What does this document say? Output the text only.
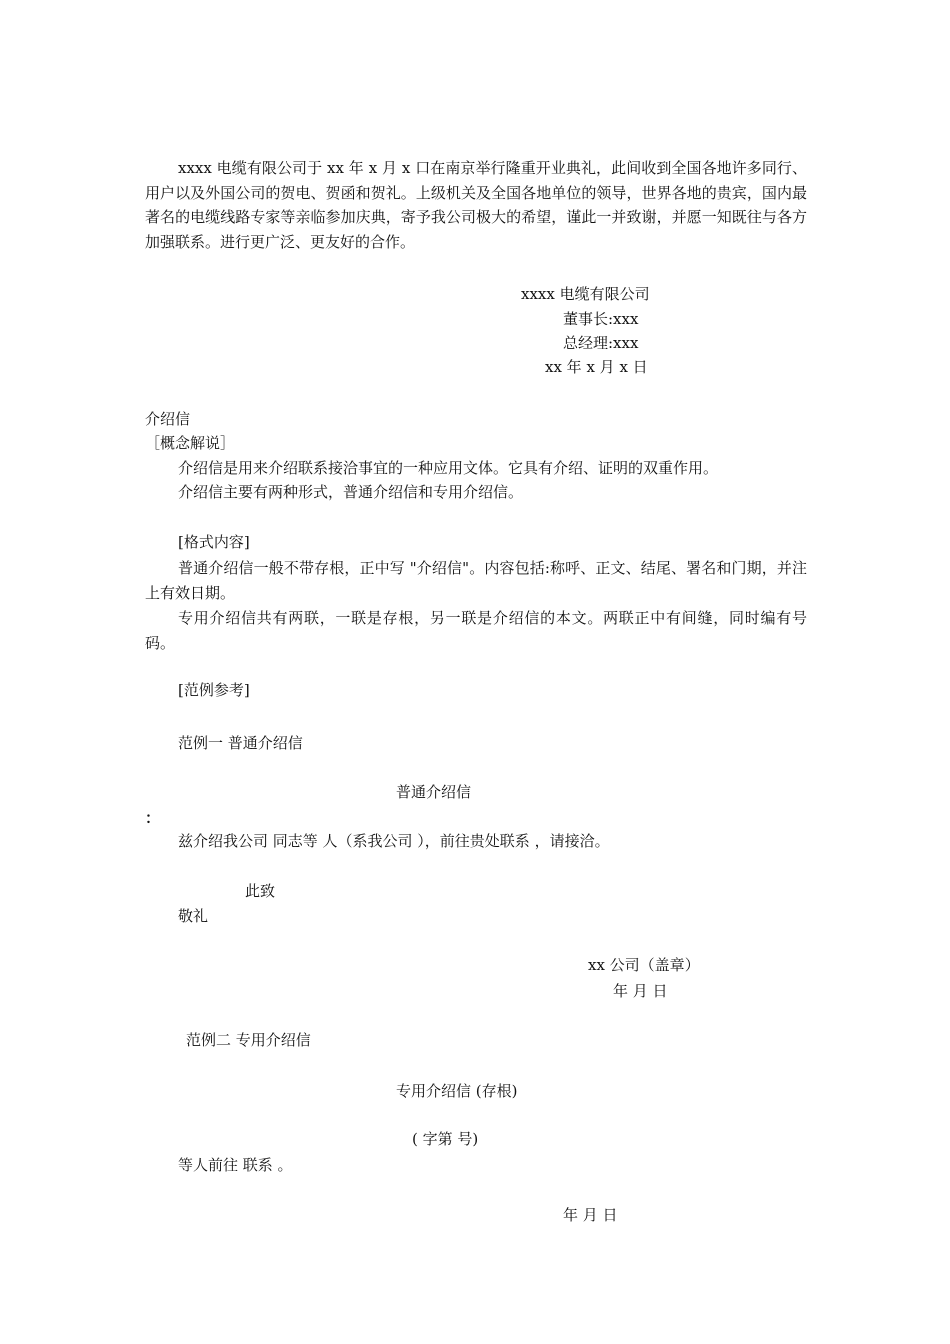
xxxx 电缆有限公司于 xx 年 x 月 x 口在南京举行隆重开业典礼，此间收到全国各地许多同行、用户以及外国公司的贺电、贺函和贺礼。上级机关及全国各地单位的领导，世界各地的贵宾，国内最著名的电缆线路专家等亲临参加庆典，寄予我公司极大的希望，谨此一并致谢，并愿一知既往与各方加强联系。进行更广泛、更友好的合作。

xxxx 电缆有限公司
董事长:xxx
总经理:xxx
xx 年 x 月 x 日
介绍信
［概念解说］
介绍信是用来介绍联系接洽事宜的一种应用文体。它具有介绍、证明的双重作用。
介绍信主要有两种形式，普通介绍信和专用介绍信。
[格式内容]

普通介绍信一般不带存根，正中写 "介绍信"。内容包括:称呼、正文、结尾、署名和门期，并注上有效日期。

专用介绍信共有两联，一联是存根，另一联是介绍信的本文。两联正中有间缝，同时编有号码。

[范例参考]
范例一 普通介绍信
普通介绍信
：
兹介绍我公司 同志等 人（系我公司 ），前往贵处联系 ，请接洽。
此致
敬礼
xx 公司（盖章）
年 月 日
范例二 专用介绍信
专用介绍信 (存根)
( 字第 号)
等人前往 联系 。
年 月 日
